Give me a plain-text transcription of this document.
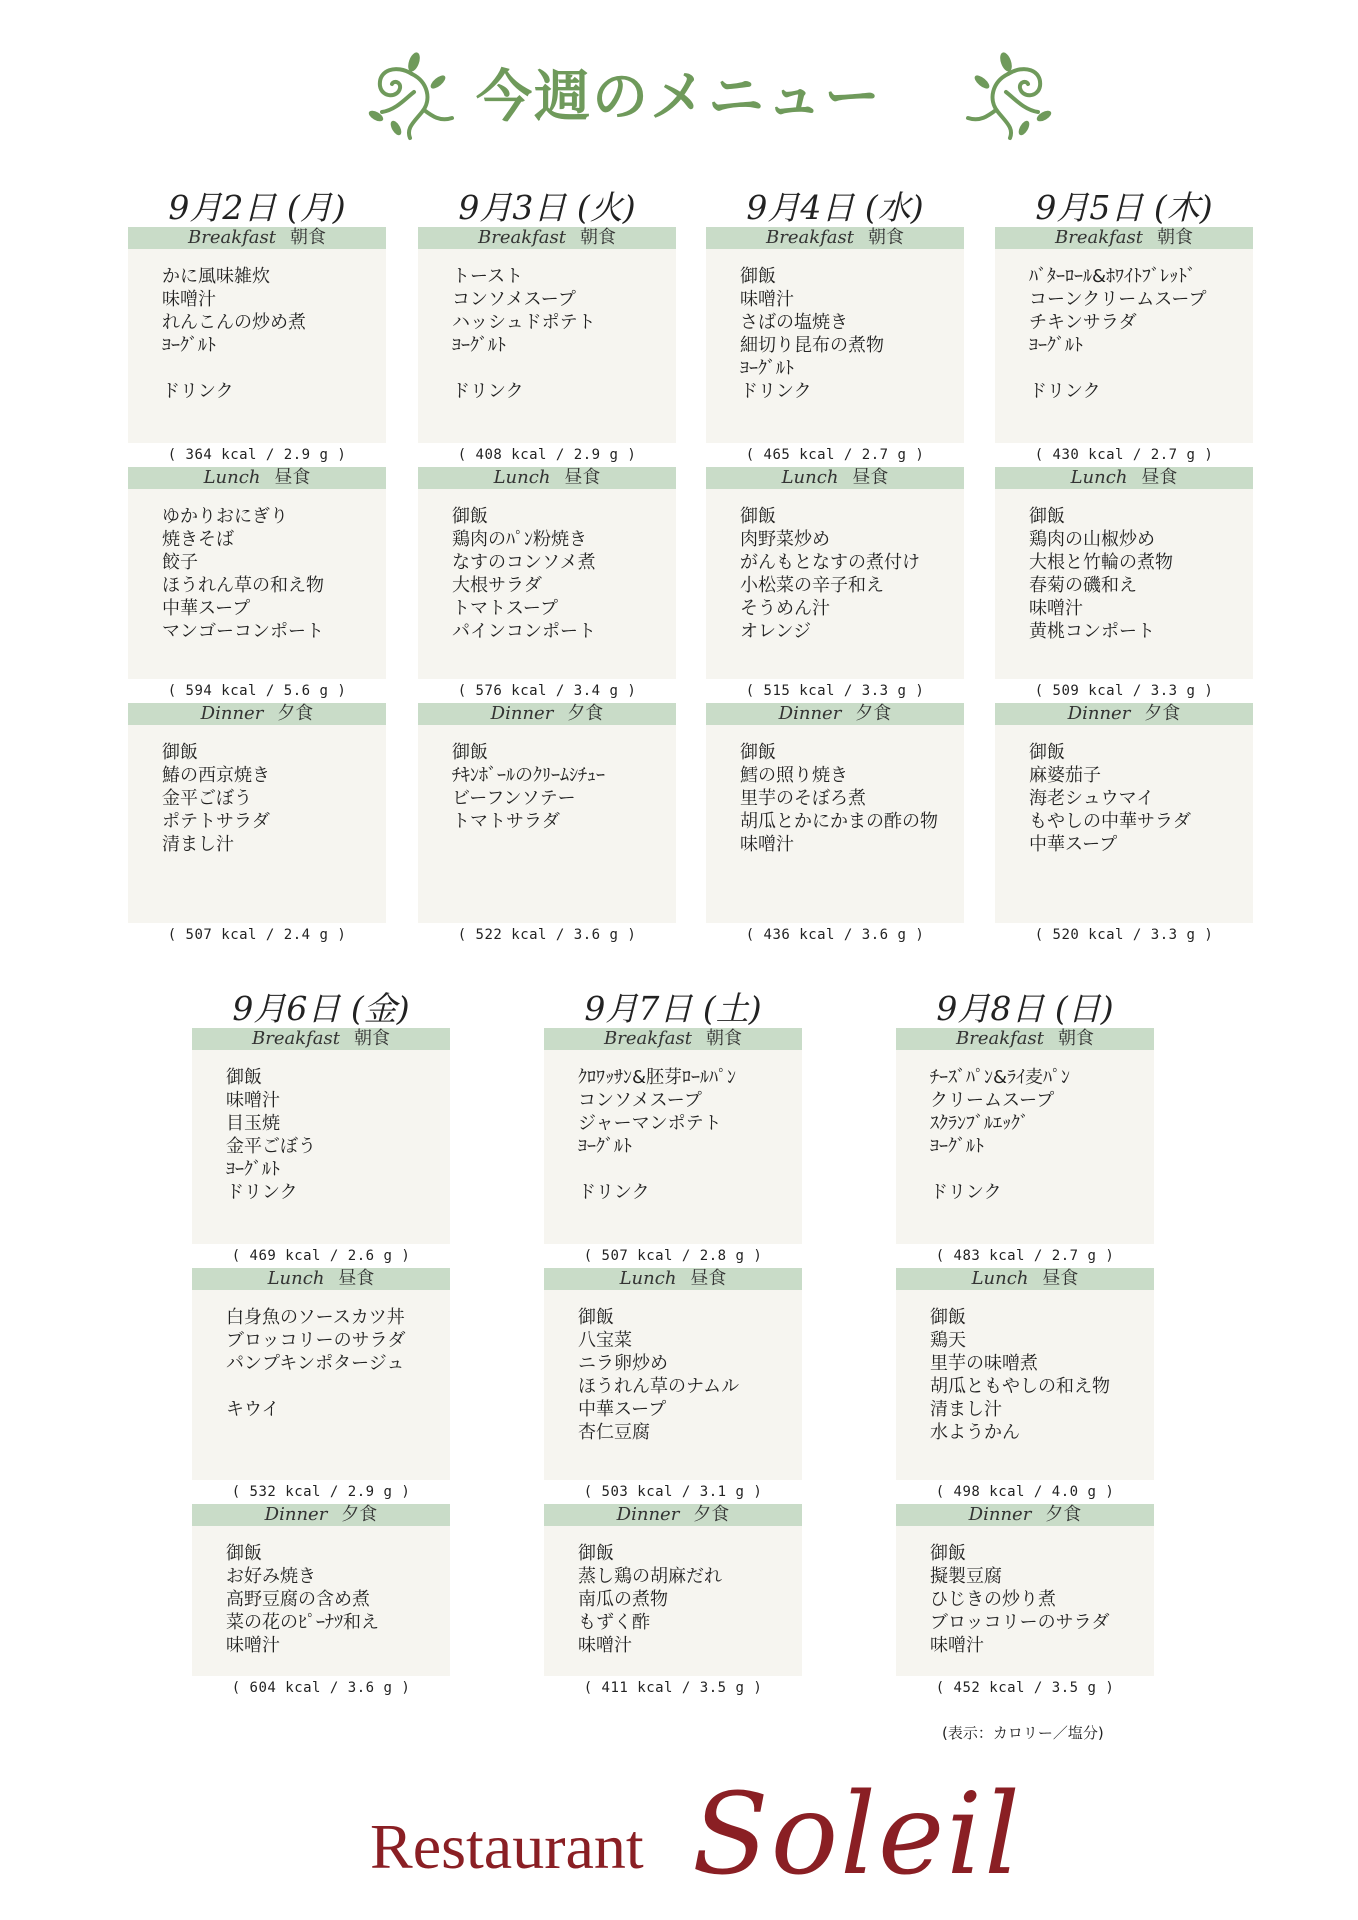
今週のメニュー
9月2日 (月)
Breakfast 朝食
かに風味雑炊
味噌汁
れんこんの炒め煮
ﾖｰｸﾞﾙﾄ
ドリンク
( 364 kcal / 2.9 g )
Lunch 昼食
ゆかりおにぎり
焼きそば
餃子
ほうれん草の和え物
中華スープ
マンゴーコンポート
( 594 kcal / 5.6 g )
Dinner 夕食
御飯
鰆の西京焼き
金平ごぼう
ポテトサラダ
清まし汁
( 507 kcal / 2.4 g )
9月3日 (火)
Breakfast 朝食
トースト
コンソメスープ
ハッシュドポテト
ﾖｰｸﾞﾙﾄ
ドリンク
( 408 kcal / 2.9 g )
Lunch 昼食
御飯
鶏肉のﾊﾟﾝ粉焼き
なすのコンソメ煮
大根サラダ
トマトスープ
パインコンポート
( 576 kcal / 3.4 g )
Dinner 夕食
御飯
ﾁｷﾝﾎﾞｰﾙのｸﾘｰﾑｼﾁｭｰ
ビーフンソテー
トマトサラダ
( 522 kcal / 3.6 g )
9月4日 (水)
Breakfast 朝食
御飯
味噌汁
さばの塩焼き
細切り昆布の煮物
ﾖｰｸﾞﾙﾄ
ドリンク
( 465 kcal / 2.7 g )
Lunch 昼食
御飯
肉野菜炒め
がんもとなすの煮付け
小松菜の辛子和え
そうめん汁
オレンジ
( 515 kcal / 3.3 g )
Dinner 夕食
御飯
鱈の照り焼き
里芋のそぼろ煮
胡瓜とかにかまの酢の物
味噌汁
( 436 kcal / 3.6 g )
9月5日 (木)
Breakfast 朝食
ﾊﾞﾀｰﾛｰﾙ&ﾎﾜｲﾄﾌﾞﾚｯﾄﾞ
コーンクリームスープ
チキンサラダ
ﾖｰｸﾞﾙﾄ
ドリンク
( 430 kcal / 2.7 g )
Lunch 昼食
御飯
鶏肉の山椒炒め
大根と竹輪の煮物
春菊の磯和え
味噌汁
黄桃コンポート
( 509 kcal / 3.3 g )
Dinner 夕食
御飯
麻婆茄子
海老シュウマイ
もやしの中華サラダ
中華スープ
( 520 kcal / 3.3 g )
9月6日 (金)
Breakfast 朝食
御飯
味噌汁
目玉焼
金平ごぼう
ﾖｰｸﾞﾙﾄ
ドリンク
( 469 kcal / 2.6 g )
Lunch 昼食
白身魚のソースカツ丼
ブロッコリーのサラダ
パンプキンポタージュ
キウイ
( 532 kcal / 2.9 g )
Dinner 夕食
御飯
お好み焼き
高野豆腐の含め煮
菜の花のﾋﾟｰﾅﾂ和え
味噌汁
( 604 kcal / 3.6 g )
9月7日 (土)
Breakfast 朝食
ｸﾛﾜｯｻﾝ&胚芽ﾛｰﾙﾊﾟﾝ
コンソメスープ
ジャーマンポテト
ﾖｰｸﾞﾙﾄ
ドリンク
( 507 kcal / 2.8 g )
Lunch 昼食
御飯
八宝菜
ニラ卵炒め
ほうれん草のナムル
中華スープ
杏仁豆腐
( 503 kcal / 3.1 g )
Dinner 夕食
御飯
蒸し鶏の胡麻だれ
南瓜の煮物
もずく酢
味噌汁
( 411 kcal / 3.5 g )
9月8日 (日)
Breakfast 朝食
ﾁｰｽﾞﾊﾟﾝ&ﾗｲ麦ﾊﾟﾝ
クリームスープ
ｽｸﾗﾝﾌﾞﾙｴｯｸﾞ
ﾖｰｸﾞﾙﾄ
ドリンク
( 483 kcal / 2.7 g )
Lunch 昼食
御飯
鶏天
里芋の味噌煮
胡瓜ともやしの和え物
清まし汁
水ようかん
( 498 kcal / 4.0 g )
Dinner 夕食
御飯
擬製豆腐
ひじきの炒り煮
ブロッコリーのサラダ
味噌汁
( 452 kcal / 3.5 g )
(表示：カロリー／塩分)
Restaurant Soleil
